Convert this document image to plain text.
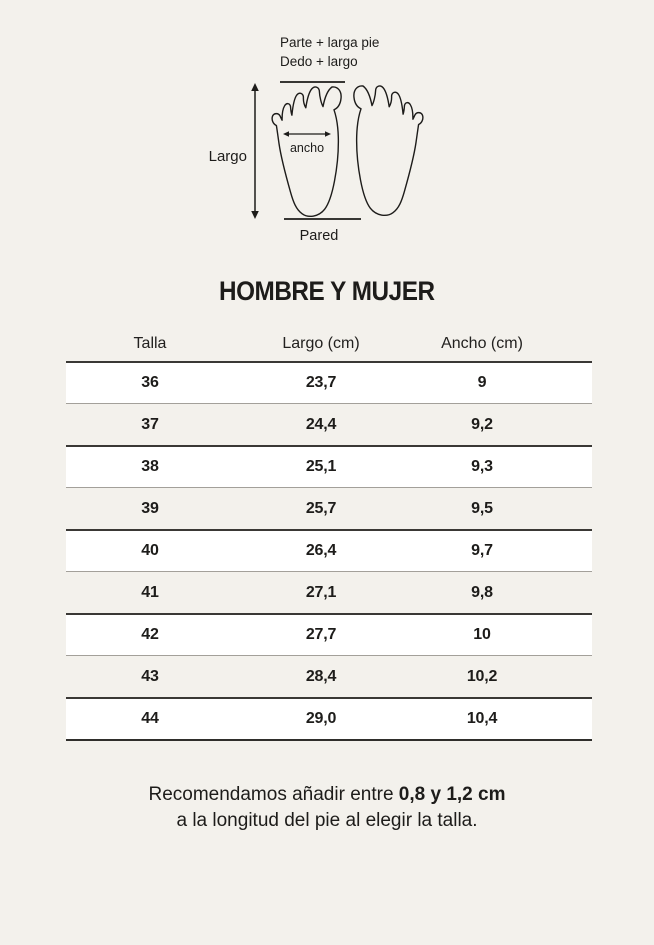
Parte + larga pie
Dedo + largo
Largo	ancho
Pared
HOMBRE Y MUJER
Talla	Largo (cm)	Ancho (cm)
36	23,7	9
37	24,4	9,2
38	25,1	9,3
39	25,7	9,5
40	26,4	9,7
41	27,1	9,8
42	27,7	10
43	28,4	10,2
44	29,0	10,4
Recomendamos añadir entre 0,8 y 1,2 cm
a la longitud del pie al elegir la talla.
